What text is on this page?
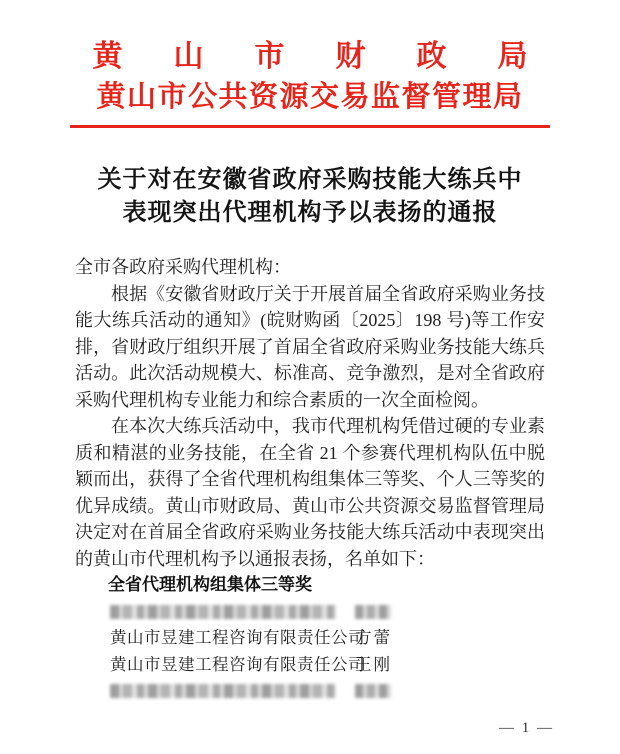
黄山市财政局
黄山市公共资源交易监督管理局
关于对在安徽省政府采购技能大练兵中
表现突出代理机构予以表扬的通报

全市各政府采购代理机构：

根据《安徽省财政厅关于开展首届全省政府采购业务技能大练兵活动的通知》(皖财购函〔2025〕198 号)等工作安排，省财政厅组织开展了首届全省政府采购业务技能大练兵活动。此次活动规模大、标准高、竞争激烈，是对全省政府采购代理机构专业能力和综合素质的一次全面检阅。

在本次大练兵活动中，我市代理机构凭借过硬的专业素质和精湛的业务技能，在全省 21 个参赛代理机构队伍中脱颖而出，获得了全省代理机构组集体三等奖、个人三等奖的优异成绩。黄山市财政局、黄山市公共资源交易监督管理局决定对在首届全省政府采购业务技能大练兵活动中表现突出的黄山市代理机构予以通报表扬，名单如下：

全省代理机构组集体三等奖
黄山市昱建工程咨询有限责任公司
方蕾
黄山市昱建工程咨询有限责任公司
王刚
— 1 —
